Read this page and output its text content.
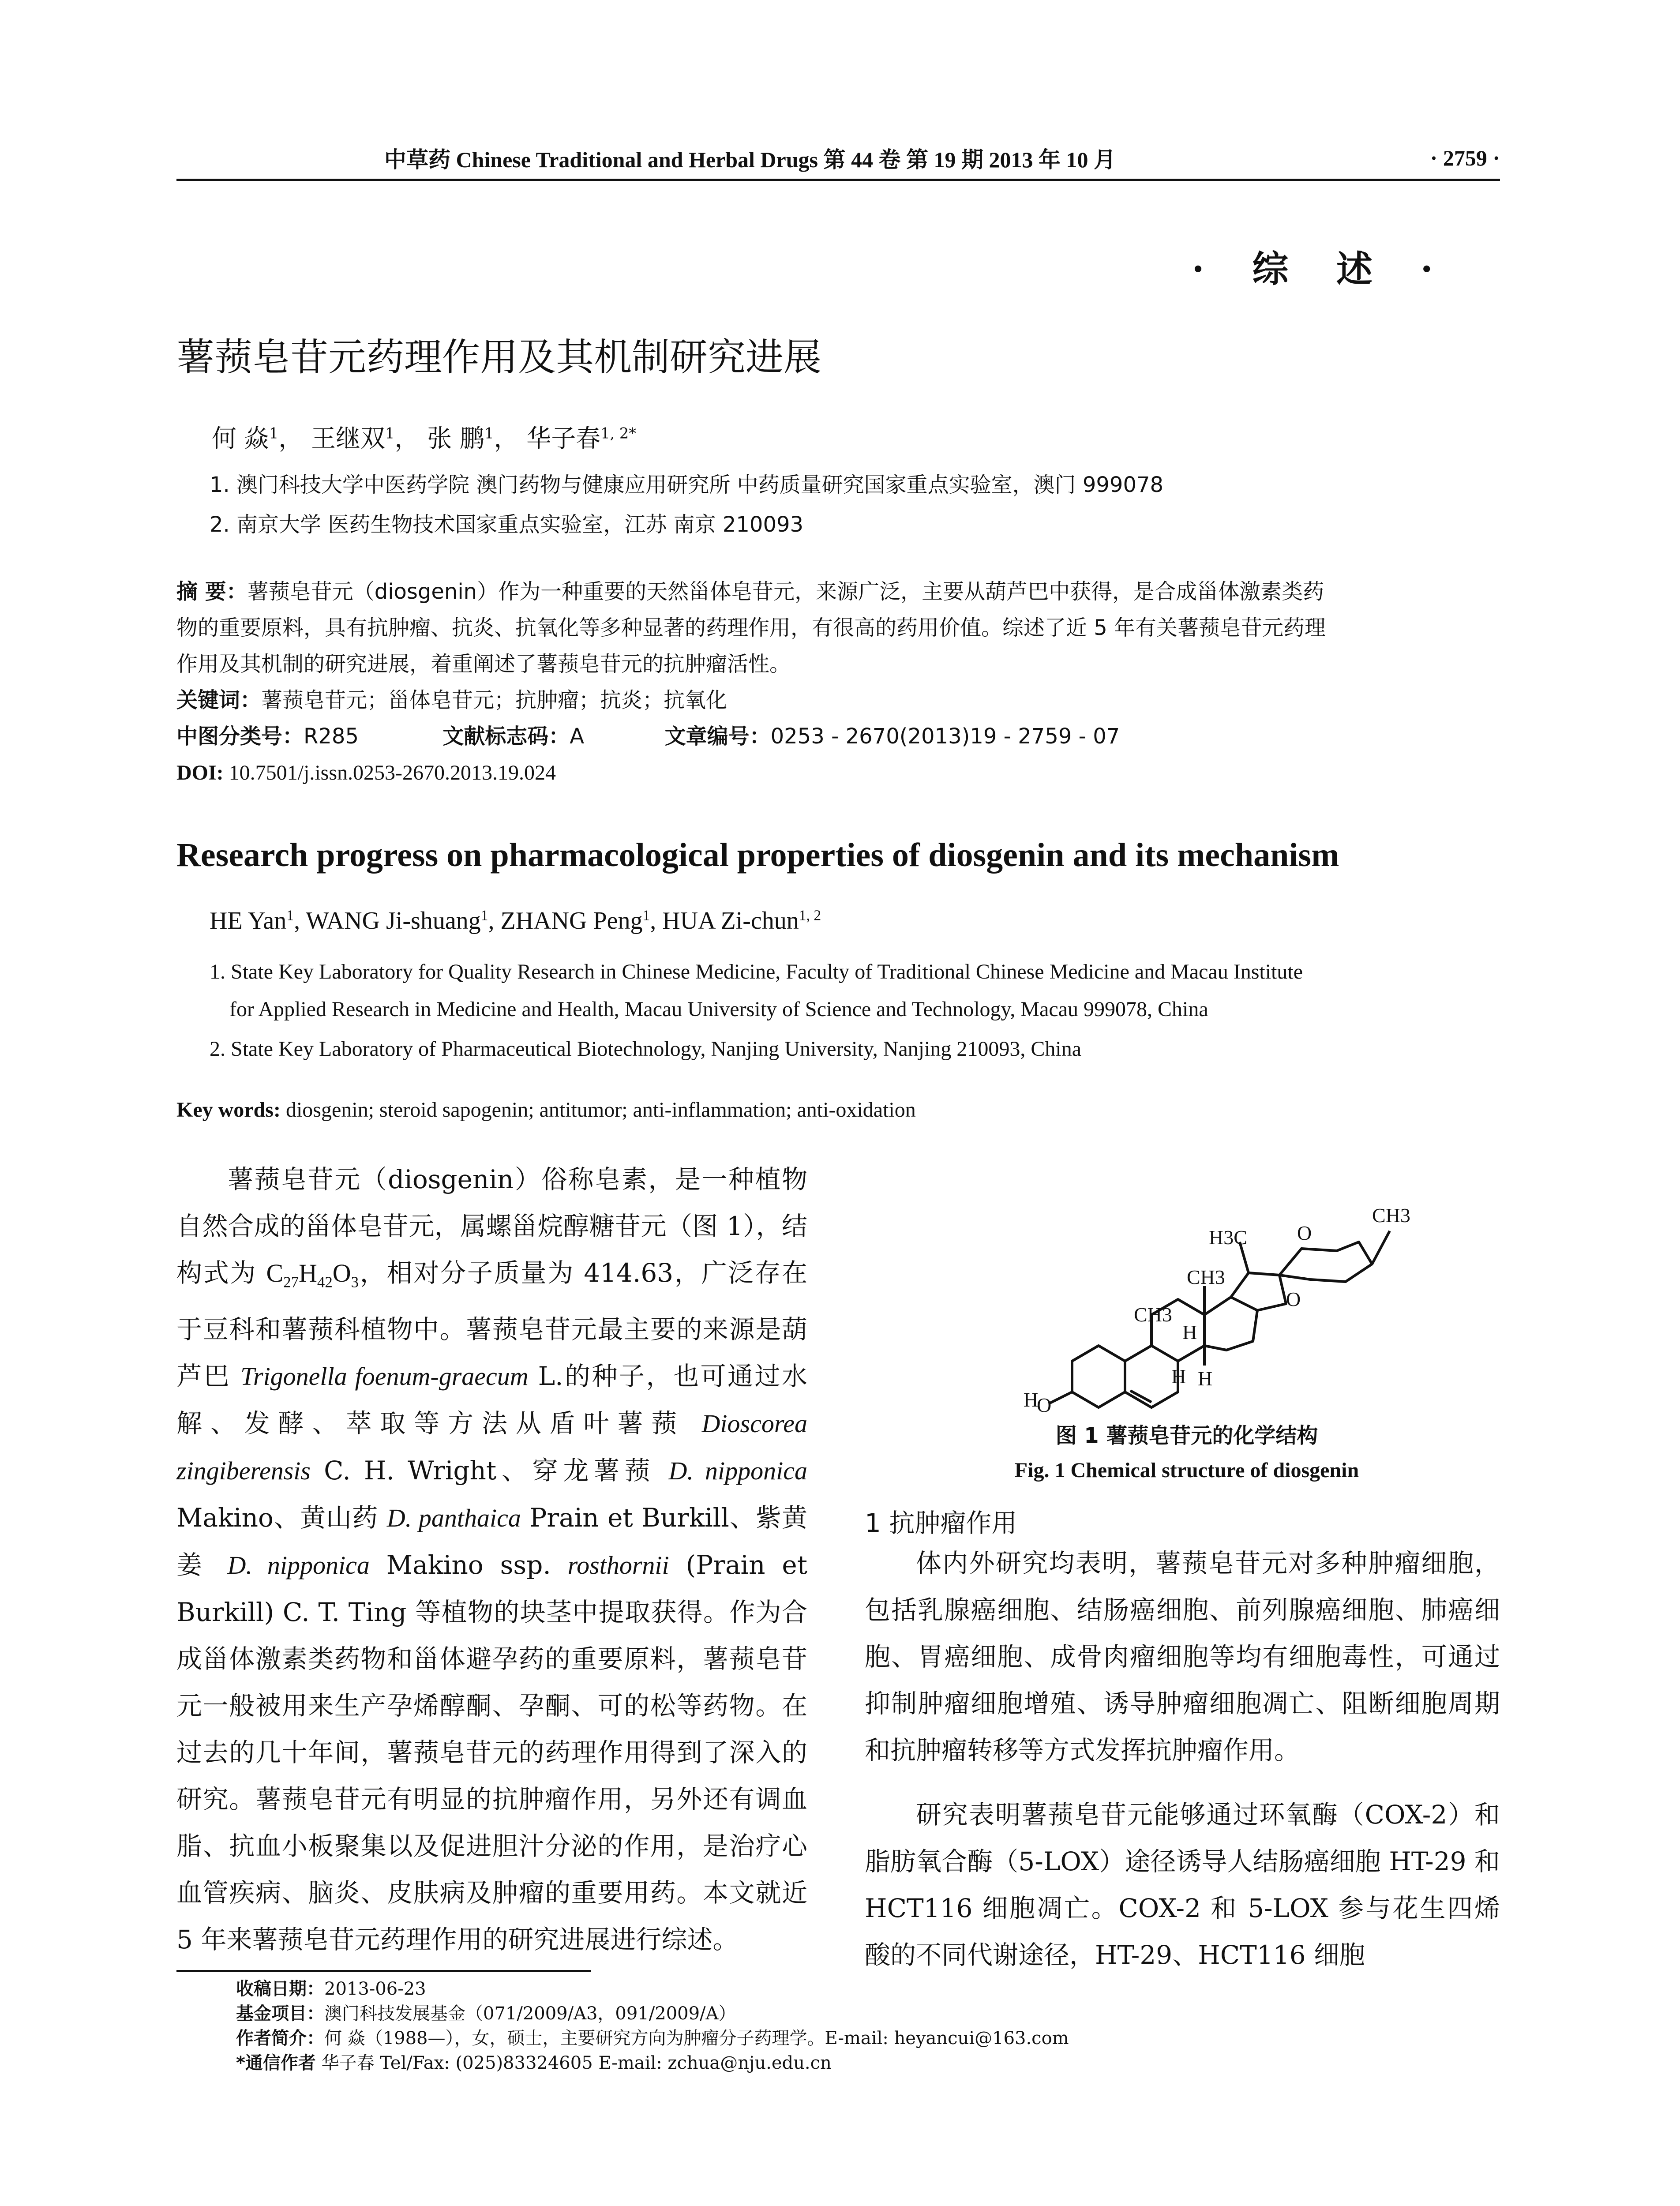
中草药 Chinese Traditional and Herbal Drugs 第 44 卷 第 19 期 2013 年 10 月	· 2759 ·
· 综 述 ·
薯蓣皂苷元药理作用及其机制研究进展
何 焱$^1$， 王继双$^1$， 张 鹏$^1$， 华子春$^{1, 2*}$
1. 澳门科技大学中医药学院 澳门药物与健康应用研究所 中药质量研究国家重点实验室，澳门 999078
2. 南京大学 医药生物技术国家重点实验室，江苏 南京 210093
摘 要：薯蓣皂苷元（diosgenin）作为一种重要的天然甾体皂苷元，来源广泛，主要从葫芦巴中获得，是合成甾体激素类药
物的重要原料，具有抗肿瘤、抗炎、抗氧化等多种显著的药理作用，有很高的药用价值。综述了近 5 年有关薯蓣皂苷元药理
作用及其机制的研究进展，着重阐述了薯蓣皂苷元的抗肿瘤活性。
关键词：薯蓣皂苷元；甾体皂苷元；抗肿瘤；抗炎；抗氧化
中图分类号：R285	文献标志码：A	文章编号：0253 - 2670(2013)19 - 2759 - 07
DOI: 10.7501/j.issn.0253-2670.2013.19.024
Research progress on pharmacological properties of diosgenin and its mechanism
HE Yan$^1$, WANG Ji-shuang$^1$, ZHANG Peng$^1$, HUA Zi-chun$^{1, 2}$
1. State Key Laboratory for Quality Research in Chinese Medicine, Faculty of Traditional Chinese Medicine and Macau Institute
for Applied Research in Medicine and Health, Macau University of Science and Technology, Macau 999078, China
2. State Key Laboratory of Pharmaceutical Biotechnology, Nanjing University, Nanjing 210093, China
Key words: diosgenin; steroid sapogenin; antitumor; anti-inflammation; anti-oxidation

薯蓣皂苷元（diosgenin）俗称皂素，是一种植物自然合成的甾体皂苷元，属螺甾烷醇糖苷元（图 1），结构式为 $C_{27}H_{42}O_3$，相对分子质量为 414.63，广泛存在于豆科和薯蓣科植物中。薯蓣皂苷元最主要的来源是葫芦巴 Trigonella foenum-graecum L.的种子，也可通过水解、发酵、萃取等方法从盾叶薯蓣 Dioscorea zingiberensis C. H. Wright、穿龙薯蓣 D. nipponica Makino、黄山药 D. panthaica Prain et Burkill、紫黄姜 D. nipponica Makino ssp. rosthornii (Prain et Burkill) C. T. Ting 等植物的块茎中提取获得。作为合成甾体激素类药物和甾体避孕药的重要原料，薯蓣皂苷元一般被用来生产孕烯醇酮、孕酮、可的松等药物。在过去的几十年间，薯蓣皂苷元的药理作用得到了深入的研究。薯蓣皂苷元有明显的抗肿瘤作用，另外还有调血脂、抗血小板聚集以及促进胆汁分泌的作用，是治疗心血管疾病、脑炎、皮肤病及肿瘤的重要用药。本文就近 5 年来薯蓣皂苷元药理作用的研究进展进行综述。

H3C
CH3
CH3
CH3
O
O
H
O
H
H H
图 1 薯蓣皂苷元的化学结构
Fig. 1 Chemical structure of diosgenin
1 抗肿瘤作用

体内外研究均表明，薯蓣皂苷元对多种肿瘤细胞，包括乳腺癌细胞、结肠癌细胞、前列腺癌细胞、肺癌细胞、胃癌细胞、成骨肉瘤细胞等均有细胞毒性，可通过抑制肿瘤细胞增殖、诱导肿瘤细胞凋亡、阻断细胞周期和抗肿瘤转移等方式发挥抗肿瘤作用。

研究表明薯蓣皂苷元能够通过环氧酶（COX-2）和脂肪氧合酶（5-LOX）途径诱导人结肠癌细胞 HT-29 和 HCT116 细胞凋亡。COX-2 和 5-LOX 参与花生四烯酸的不同代谢途径，HT-29、HCT116 细胞

收稿日期：2013-06-23
基金项目：澳门科技发展基金（071/2009/A3，091/2009/A）
作者简介：何 焱（1988—），女，硕士，主要研究方向为肿瘤分子药理学。E-mail: heyancui@163.com
*通信作者 华子春 Tel/Fax: (025)83324605 E-mail: zchua@nju.edu.cn
